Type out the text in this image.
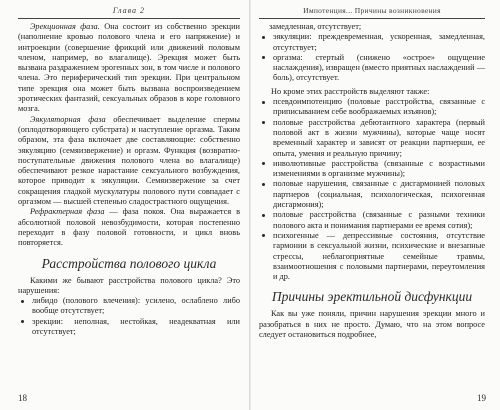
Глава 2

Эрекционная фаза. Она состоит из собственно эрекции (наполнение кровью полового члена и его напряжение) и интроекции (совершение фрикций или движений половым членом, например, во влагалище). Эрекция может быть вызвана раздражением эрогенных зон, в том числе и полового члена. Это периферический тип эрекции. При центральном типе эрекция она может быть вызвана воспроизведением эротических фантазий, сексуальных образов в коре головного мозга.

Эякуляторная фаза обеспечивает выделение спермы (оплодотворяющего субстрата) и наступление оргазма. Таким образом, эта фаза включает две составляющие: собственно эякуляцию (семяизвержение) и оргазм. Функция (возвратно-поступательные движения полового члена во влагалище) обеспечивают резкое нарастание сексуального возбуждения, которое приводит к эякуляции. Семяизвержение за счет сокращения гладкой мускулатуры полового пути совпадает с оргазмом — высшей степенью сладострастного ощущения.

Рефрактерная фаза — фаза покоя. Она выражается в абсолютной половой невозбудимости, которая постепенно переходит в фазу половой готовности, и цикл вновь повторяется.

Расстройства полового цикла

Какими же бывают расстройства полового цикла? Это нарушения:

либидо (полового влечения): усилено, ослаблено либо вообще отсутствует;
эрекции: неполная, нестойкая, неадекватная или отсутствует;
18
Импотенция... Причины возникновения
замедленная, отсутствует;
эякуляции: преждевременная, ускоренная, замедленная, отсутствует;
оргазма: стертый (снижено «острое» ощущение наслаждения), извращен (вместо приятных наслаждений — боль), отсутствует.

Но кроме этих расстройств выделяют также:

псевдоимпотенцию (половые расстройства, связанные с приписыванием себе воображаемых изъянов);
половые расстройства дебютантного характера (первый половой акт в жизни мужчины), которые чаще носят временный характер и зависят от реакции партнерши, ее опыта, умения и реальную причину;
инволютивные расстройства (связанные с возрастными изменениями в организме мужчины);
половые нарушения, связанные с дисгармонией половых партнеров (социальная, психологическая, психогенная дисгармония);
половые расстройства (связанные с разными техники полового акта и понимания партнерами ее время сотия);
психогенные — депрессивные состояния, отсутствие гармонии в сексуальной жизни, психические и внезапные стрессы, неблагоприятные семейные травмы, взаимоотношения с половыми партнерами, переутомления и др.
Причины эректильной дисфункции

Как вы уже поняли, причин нарушения эрекции много и разобраться в них не просто. Думаю, что на этом вопросе следует остановиться подробнее,

19
